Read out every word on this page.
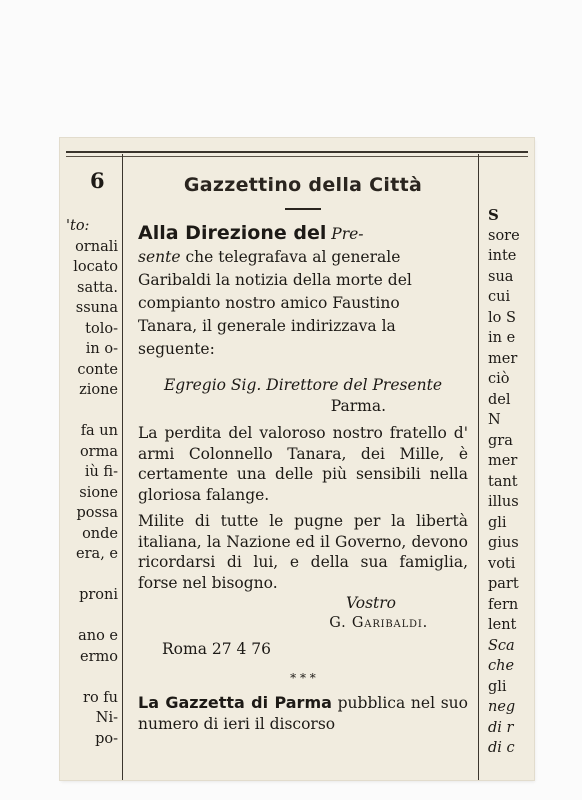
6
'to:
ornali
locato
satta.
ssuna
tolo-
in o-
conte
zione

fa un
orma
iù fi-
sione
possa
onde
era, e

proni

ano e
ermo

ro fu
Ni-
po-
S
sore
inte
sua
cui
lo S
in e
mer
ciò
del
N
gra
mer
tant
illus
gli
gius
voti
part
fern
lent
Sca
che
gli
neg
di r
di c
Gazzettino della Città

Alla Direzione del Pre-
sente che telegrafava al generale
Garibaldi la notizia della morte del
compianto nostro amico Faustino
Tanara, il generale indirizzava la
seguente:

Egregio Sig. Direttore del Presente
Parma.

La perdita del valoroso nostro fratello d' armi Colonnello Tanara, dei Mille, è certamente una delle più sensibili nella gloriosa falange.

Milite di tutte le pugne per la libertà italiana, la Nazione ed il Governo, devono ricordarsi di lui, e della sua famiglia, forse nel bisogno.

Vostro
G. Garibaldi.
Roma 27 4 76
* * *

La Gazzetta di Parma pubblica nel suo numero di ieri il discorso
